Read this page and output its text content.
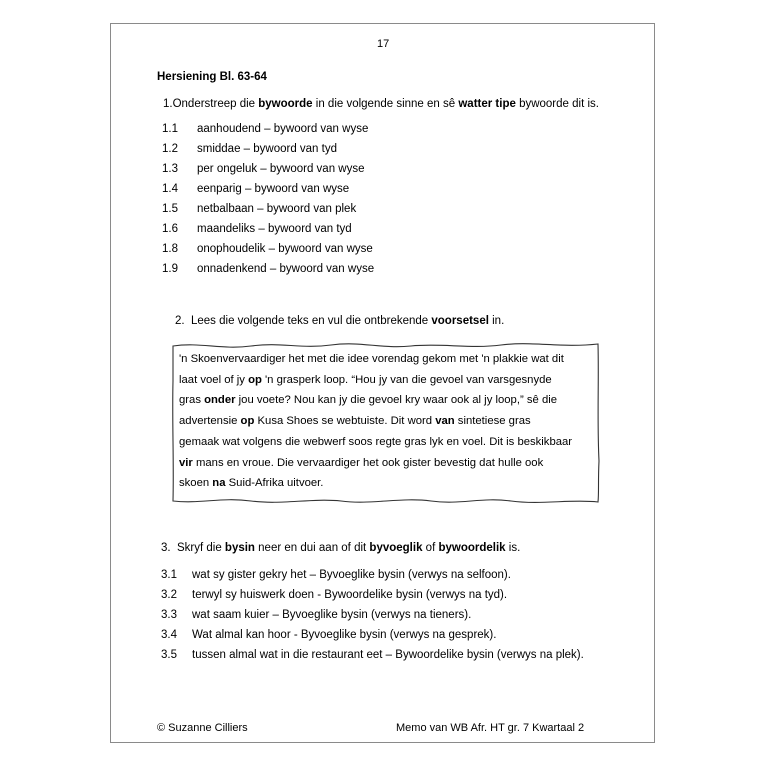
17
Hersiening Bl. 63-64
1.Onderstreep die bywoorde in die volgende sinne en sê watter tipe bywoorde dit is.
1.1 aanhoudend – bywoord van wyse
1.2 smiddae – bywoord van tyd
1.3 per ongeluk – bywoord van wyse
1.4 eenparig – bywoord van wyse
1.5 netbalbaan – bywoord van plek
1.6 maandeliks – bywoord van tyd
1.8 onophoudelik – bywoord van wyse
1.9 onnadenkend – bywoord van wyse
2. Lees die volgende teks en vul die ontbrekende voorsetsel in.
'n Skoenvervaardiger het met die idee vorendag gekom met 'n plakkie wat dit
laat voel of jy op 'n grasperk loop. “Hou jy van die gevoel van varsgesnyde
gras onder jou voete? Nou kan jy die gevoel kry waar ook al jy loop,” sê die
advertensie op Kusa Shoes se webtuiste. Dit word van sintetiese gras
gemaak wat volgens die webwerf soos regte gras lyk en voel. Dit is beskikbaar
vir mans en vroue. Die vervaardiger het ook gister bevestig dat hulle ook
skoen na Suid-Afrika uitvoer.
3. Skryf die bysin neer en dui aan of dit byvoeglik of bywoordelik is.
3.1 wat sy gister gekry het – Byvoeglike bysin (verwys na selfoon).
3.2 terwyl sy huiswerk doen - Bywoordelike bysin (verwys na tyd).
3.3 wat saam kuier – Byvoeglike bysin (verwys na tieners).
3.4 Wat almal kan hoor - Byvoeglike bysin (verwys na gesprek).
3.5 tussen almal wat in die restaurant eet – Bywoordelike bysin (verwys na plek).
© Suzanne Cilliers	Memo van WB Afr. HT gr. 7 Kwartaal 2
